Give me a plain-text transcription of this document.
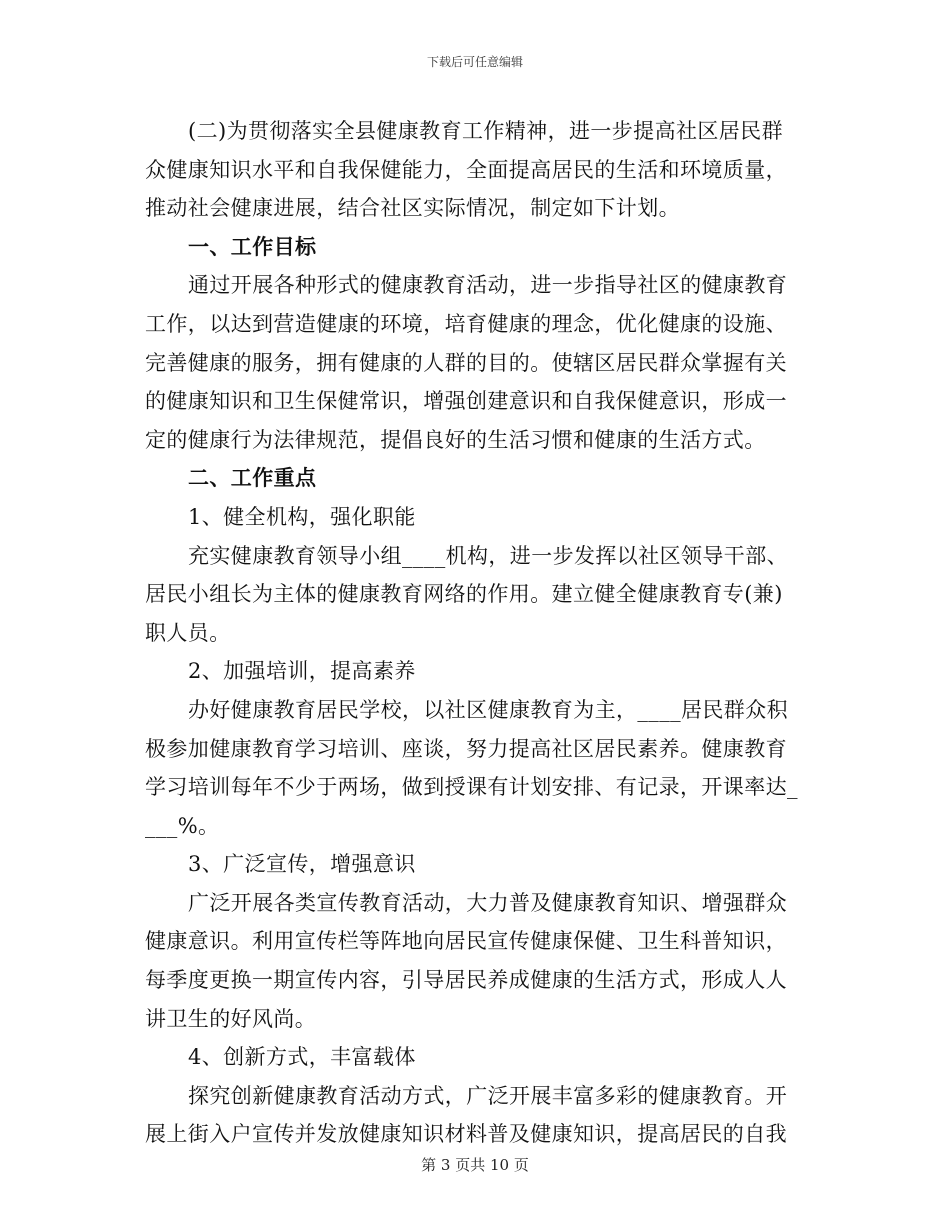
下载后可任意编辑
(二)为贯彻落实全县健康教育工作精神，进一步提高社区居民群
众健康知识水平和自我保健能力，全面提高居民的生活和环境质量，
推动社会健康进展，结合社区实际情况，制定如下计划。
一、工作目标
通过开展各种形式的健康教育活动，进一步指导社区的健康教育
工作，以达到营造健康的环境，培育健康的理念，优化健康的设施、
完善健康的服务，拥有健康的人群的目的。使辖区居民群众掌握有关
的健康知识和卫生保健常识，增强创建意识和自我保健意识，形成一
定的健康行为法律规范，提倡良好的生活习惯和健康的生活方式。
二、工作重点
1、健全机构，强化职能
充实健康教育领导小组____机构，进一步发挥以社区领导干部、
居民小组长为主体的健康教育网络的作用。建立健全健康教育专(兼)
职人员。
2、加强培训，提高素养
办好健康教育居民学校，以社区健康教育为主，____居民群众积
极参加健康教育学习培训、座谈，努力提高社区居民素养。健康教育
学习培训每年不少于两场，做到授课有计划安排、有记录，开课率达_
___%。
3、广泛宣传，增强意识
广泛开展各类宣传教育活动，大力普及健康教育知识、增强群众
健康意识。利用宣传栏等阵地向居民宣传健康保健、卫生科普知识，
每季度更换一期宣传内容，引导居民养成健康的生活方式，形成人人
讲卫生的好风尚。
4、创新方式，丰富载体
探究创新健康教育活动方式，广泛开展丰富多彩的健康教育。开
展上街入户宣传并发放健康知识材料普及健康知识，提高居民的自我
第 3 页共 10 页
